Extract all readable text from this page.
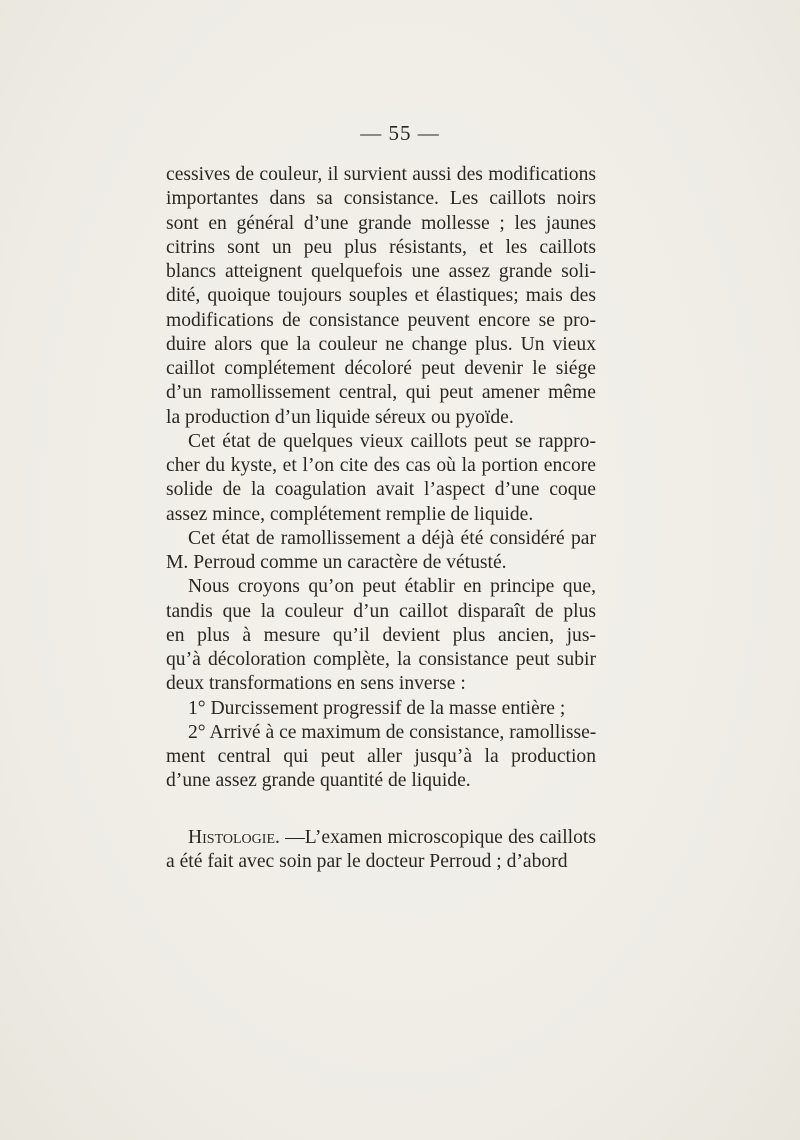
— 55 —
cessives de couleur, il survient aussi des modifications
importantes dans sa consistance. Les caillots noirs
sont en général d’une grande mollesse ; les jaunes
citrins sont un peu plus résistants, et les caillots
blancs atteignent quelquefois une assez grande soli-
dité, quoique toujours souples et élastiques; mais des
modifications de consistance peuvent encore se pro-
duire alors que la couleur ne change plus. Un vieux
caillot complétement décoloré peut devenir le siége
d’un ramollissement central, qui peut amener même
la production d’un liquide séreux ou pyoïde.
Cet état de quelques vieux caillots peut se rappro-
cher du kyste, et l’on cite des cas où la portion encore
solide de la coagulation avait l’aspect d’une coque
assez mince, complétement remplie de liquide.
Cet état de ramollissement a déjà été considéré par
M. Perroud comme un caractère de vétusté.
Nous croyons qu’on peut établir en principe que,
tandis que la couleur d’un caillot disparaît de plus
en plus à mesure qu’il devient plus ancien, jus-
qu’à décoloration complète, la consistance peut subir
deux transformations en sens inverse :
1° Durcissement progressif de la masse entière ;
2° Arrivé à ce maximum de consistance, ramollisse-
ment central qui peut aller jusqu’à la production
d’une assez grande quantité de liquide.
Histologie. —L’examen microscopique des caillots
a été fait avec soin par le docteur Perroud ; d’abord
